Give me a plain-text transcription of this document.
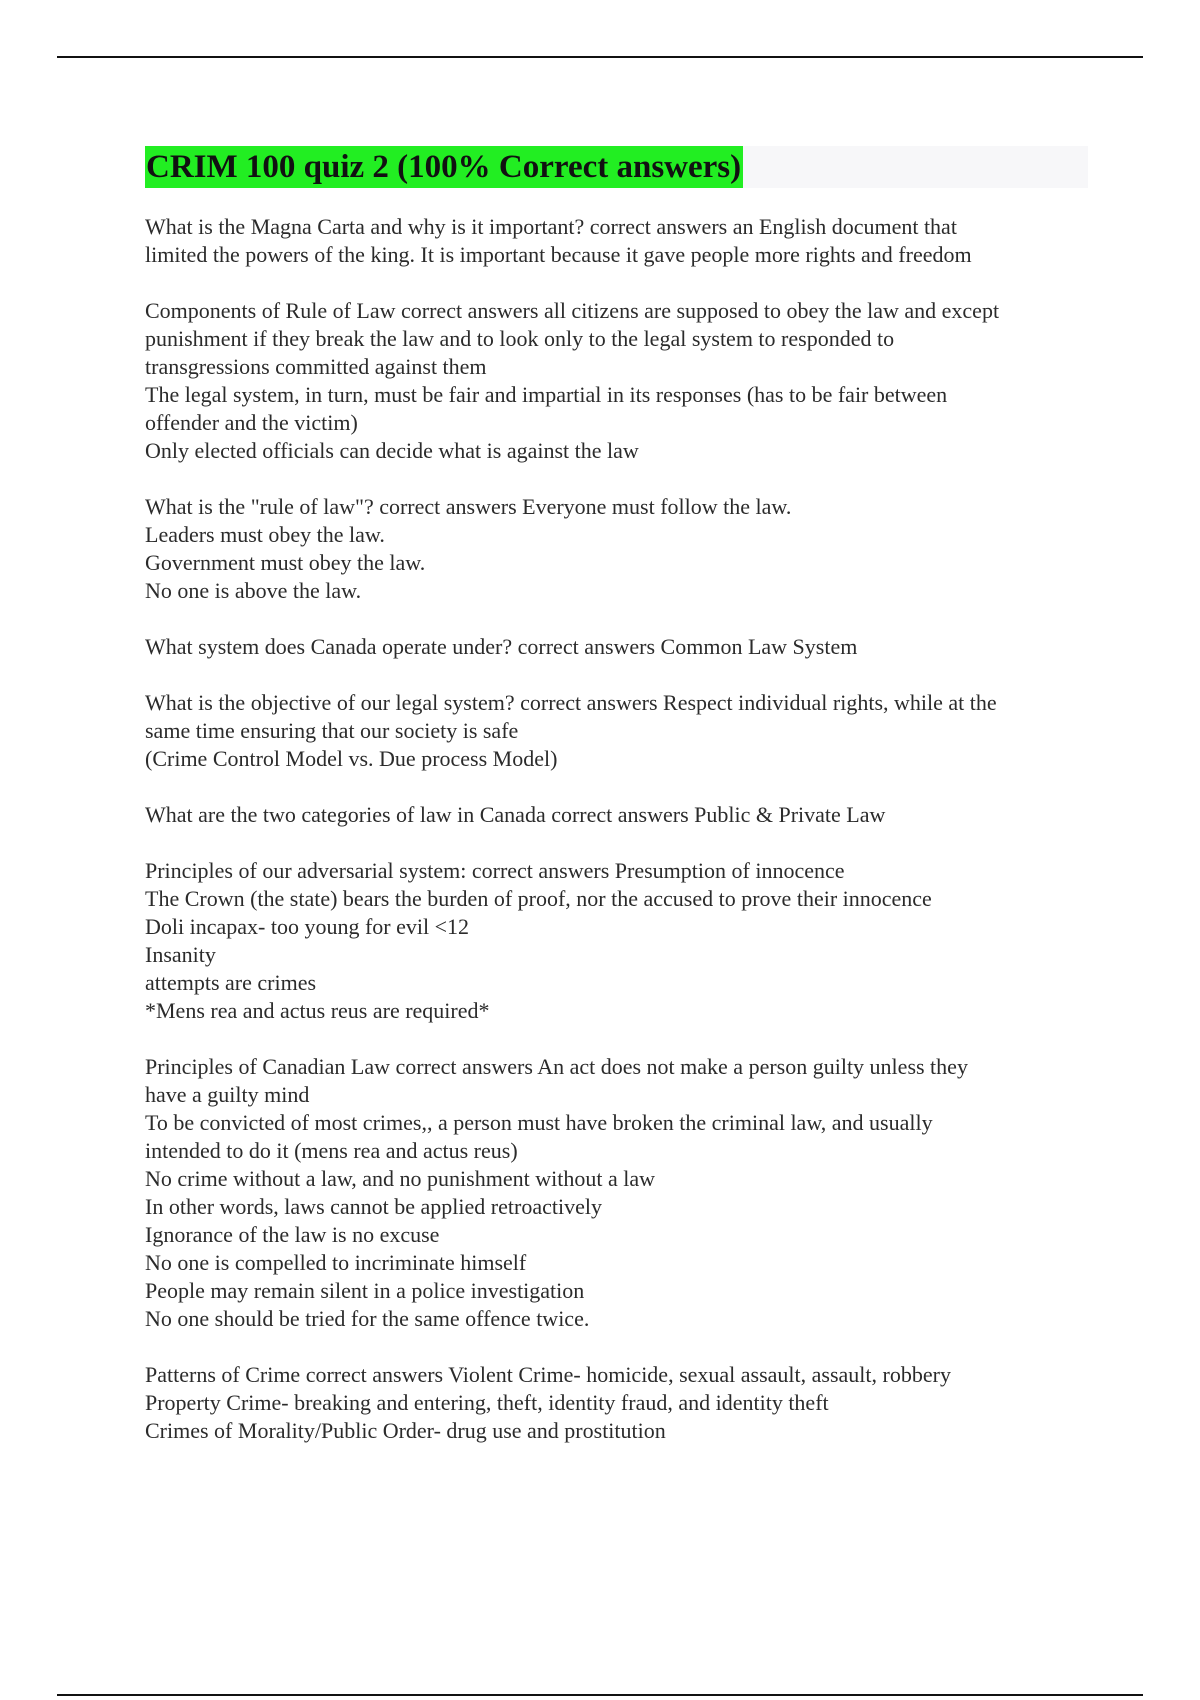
CRIM 100 quiz 2 (100% Correct answers)
What is the Magna Carta and why is it important? correct answers an English document that
limited the powers of the king. It is important because it gave people more rights and freedom
Components of Rule of Law correct answers all citizens are supposed to obey the law and except
punishment if they break the law and to look only to the legal system to responded to
transgressions committed against them
The legal system, in turn, must be fair and impartial in its responses (has to be fair between
offender and the victim)
Only elected officials can decide what is against the law
What is the "rule of law"? correct answers Everyone must follow the law.
Leaders must obey the law.
Government must obey the law.
No one is above the law.
What system does Canada operate under? correct answers Common Law System
What is the objective of our legal system? correct answers Respect individual rights, while at the
same time ensuring that our society is safe
(Crime Control Model vs. Due process Model)
What are the two categories of law in Canada correct answers Public & Private Law
Principles of our adversarial system: correct answers Presumption of innocence
The Crown (the state) bears the burden of proof, nor the accused to prove their innocence
Doli incapax- too young for evil <12
Insanity
attempts are crimes
*Mens rea and actus reus are required*
Principles of Canadian Law correct answers An act does not make a person guilty unless they
have a guilty mind
To be convicted of most crimes,, a person must have broken the criminal law, and usually
intended to do it (mens rea and actus reus)
No crime without a law, and no punishment without a law
In other words, laws cannot be applied retroactively
Ignorance of the law is no excuse
No one is compelled to incriminate himself
People may remain silent in a police investigation
No one should be tried for the same offence twice.
Patterns of Crime correct answers Violent Crime- homicide, sexual assault, assault, robbery
Property Crime- breaking and entering, theft, identity fraud, and identity theft
Crimes of Morality/Public Order- drug use and prostitution
